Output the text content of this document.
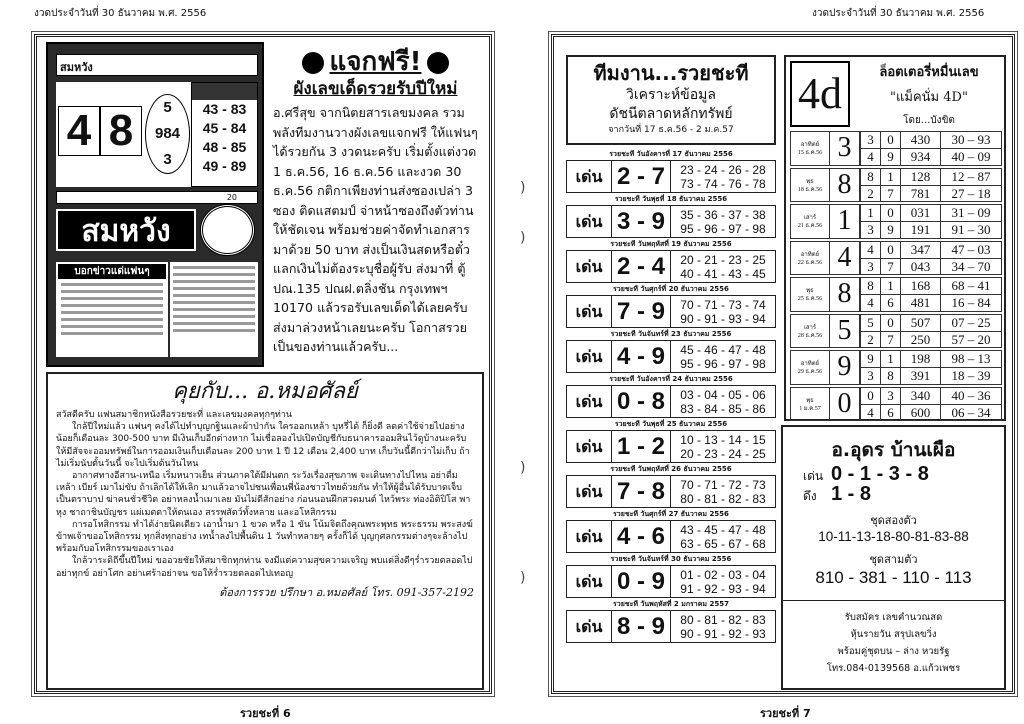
งวดประจำวันที่ 30 ธันวาคม พ.ศ. 2556	งวดประจำวันที่ 30 ธันวาคม พ.ศ. 2556
สมหวัง
4 8	5
984
3
43 - 83
45 - 84
48 - 85
49 - 89
20
สมหวัง
บอกข่าวแด่แฟนๆ
แจกฟรี!
ผังเลขเด็ดรวยรับปีใหม่

อ.ศรีสุข จากนิตยสารเลขมงคล รวมพลังทีมงานวางผังเลขแจกฟรี ให้แฟนๆ ได้รวยกัน 3 งวดนะครับ เริ่มตั้งแต่งวด 1 ธ.ค.56, 16 ธ.ค.56 และงวด 30 ธ.ค.56 กติกาเพียงท่านส่งซองเปล่า 3 ซอง ติดแสตมป์ จ่าหน้าซองถึงตัวท่านให้ชัดเจน พร้อมช่วยค่าจัดทำเอกสารมาด้วย 50 บาท ส่งเป็นเงินสดหรือตั๋วแลกเงินไม่ต้องระบุชื่อผู้รับ ส่งมาที่ ตู้ปณ.135 ปณฝ.ตลิ่งชัน กรุงเทพฯ 10170 แล้วรอรับเลขเด็ดได้เลยครับ ส่งมาล่วงหน้าเลยนะครับ โอกาสรวยเป็นของท่านแล้วครับ...

คุยกับ... อ.หมอศัลย์

สวัสดีครับ แฟนสมาชิกหนังสือรวยชะที่ และเลขมงคลทุกๆท่าน

ใกล้ปีใหม่แล้ว แฟนๆ คงได้ไปทำบุญกฐินและผ้าป่ากัน ใครออกเหล้า บุหรี่ได้ ก็ยิ่งดี ลดค่าใช้จ่ายไปอย่างน้อยก็เดือนละ 300-500 บาท มีเงินเก็บอีกต่างหาก ไม่เชื่อลองไปเปิดบัญชีกับธนาคารออมสินไว้ดูบ้างนะครับ ให้มีสัจจะออมทรัพย์ในการออมเงินเก็บเดือนละ 200 บาท 1 ปี 12 เดือน 2,400 บาท เก็บวันนี้ดีกว่าไม่เก็บ ถ้าไม่เริ่มนับตั้นวันนี้ จะไปเริ่มต้นวันไหน

อากาศทางอีสาน-เหนือ เริ่มหนาวเย็น ส่วนภาคใต้มีฝนตก ระวังเรื่องสุขภาพ จะเดินทางไปไหน อย่าดื่มเหล้า เบียร์ เมาไม่ขับ ถ้าเลิกได้ให้เลิก มาแล้วอาจไปชนเพื่อนพี่น้องชาวไทยด้วยกัน ทำให้ผู้อื่นได้รับบาดเจ็บ เป็นตราบาป ฆ่าคนชั่วชีวิต อย่าหลงน้ำเมาเลย มันไม่ดีสักอย่าง ก่อนนอนฝึกสวดมนต์ ไหว้พระ ท่องอิติปิโส พาหุง ชาถาชินบัญชร แผ่เมตตาให้ตนเอง สรรพสัตว์ทั้งหลาย และอโหสิกรรม

การอโหสิกรรม ทำได้ง่ายนิดเดียว เอาน้ำมา 1 ขวด หรือ 1 ขัน โน้มจิตถึงคุณพระพุทธ พระธรรม พระสงฆ์ ข้าพเจ้าขออโหสิกรรม ทุกสิ่งทุกอย่าง เทน้ำลงไปพื้นดิน 1 วันทำหลายๆ ครั้งก็ได้ บุญกุศลกรรมต่างๆจะล้างไปพร้อมกับอโหสิกรรมของเราเอง

ใกล้วาระดิถีขึ้นปีใหม่ ขออวยชัยให้สมาชิกทุกท่าน จงมีแต่ความสุขความเจริญ พบแต่สิ่งดีๆร่ำรวยตลอดไป อย่าทุกข์ อย่าโศก อย่าเศร้าอย่าจน ขอให้ร่ำรวยตลอดไปเทอญ

ต้องการรวย ปรึกษา อ.หมอศัลย์ โทร. 091-357-2192

รวยชะที่ 6
)
)
)
)
ทีมงาน...รวยชะที
วิเคราะห์ข้อมูล
ดัชนีตลาดหลักทรัพย์
จากวันที่ 17 ธ.ค.56 - 2 ม.ค.57
รวยชะที วันอังคารที่ 17 ธันวาคม 2556
เด่น 2 - 7	23 - 24 - 26 - 28
73 - 74 - 76 - 78
รวยชะที วันพุธที่ 18 ธันวาคม 2556
เด่น 3 - 9	35 - 36 - 37 - 38
95 - 96 - 97 - 98
รวยชะที วันพฤหัสที่ 19 ธันวาคม 2556
เด่น 2 - 4	20 - 21 - 23 - 25
40 - 41 - 43 - 45
รวยชะที วันศุกร์ที่ 20 ธันวาคม 2556
เด่น 7 - 9	70 - 71 - 73 - 74
90 - 91 - 93 - 94
รวยชะที วันจันทร์ที่ 23 ธันวาคม 2556
เด่น 4 - 9	45 - 46 - 47 - 48
95 - 96 - 97 - 98
รวยชะที วันอังคารที่ 24 ธันวาคม 2556
เด่น 0 - 8	03 - 04 - 05 - 06
83 - 84 - 85 - 86
รวยชะที วันพุธที่ 25 ธันวาคม 2556
เด่น 1 - 2	10 - 13 - 14 - 15
20 - 23 - 24 - 25
รวยชะที วันพฤหัสที่ 26 ธันวาคม 2556
เด่น 7 - 8	70 - 71 - 72 - 73
80 - 81 - 82 - 83
รวยชะที วันศุกร์ที่ 27 ธันวาคม 2556
เด่น 4 - 6	43 - 45 - 47 - 48
63 - 65 - 67 - 68
รวยชะที วันจันทร์ที่ 30 ธันวาคม 2556
เด่น 0 - 9	01 - 02 - 03 - 04
91 - 92 - 93 - 94
รวยชะที วันพฤหัสที่ 2 มกราคม 2557
เด่น 8 - 9	80 - 81 - 82 - 83
90 - 91 - 92 - 93
4d	ล็อตเตอรี่หมื่นเลข
"แม็คนั่ม 4D"
โดย...บังขิต
อาทิตย์
15 ธ.ค.56 3	3	0	430	30 – 93
4	9	934	40 – 09
พุธ
18 ธ.ค.56 8	8	1	128	12 – 87
2	7	781	27 – 18
เสาร์
21 ธ.ค.56 1	1	0	031	31 – 09
3	9	191	91 – 30
อาทิตย์
22 ธ.ค.56 4	4	0	347	47 – 03
3	7	043	34 – 70
พุธ
25 ธ.ค.56 8	8	1	168	68 – 41
4	6	481	16 – 84
เสาร์
28 ธ.ค.56 5	5	0	507	07 – 25
2	7	250	57 – 20
อาทิตย์
29 ธ.ค.56 9	9	1	198	98 – 13
3	8	391	18 – 39
พุธ
1 ม.ค.57 0	0	3	340	40 – 36
4	6	600	06 – 34
อ.อุดร บ้านเผือ
เด่น 0 - 1 - 3 - 8
ดึง 1 - 8
ชุดสองตัว
10-11-13-18-80-81-83-88
ชุดสามตัว
810 - 381 - 110 - 113
รับสมัคร เลขคำนวณสด
หุ้นรายวัน สรุปเลขวิ่ง
พร้อมคู่ชุดบน – ล่าง หวยรัฐ
โทร.084-0139568 อ.แก้วเพชร
รวยชะที่ 7
